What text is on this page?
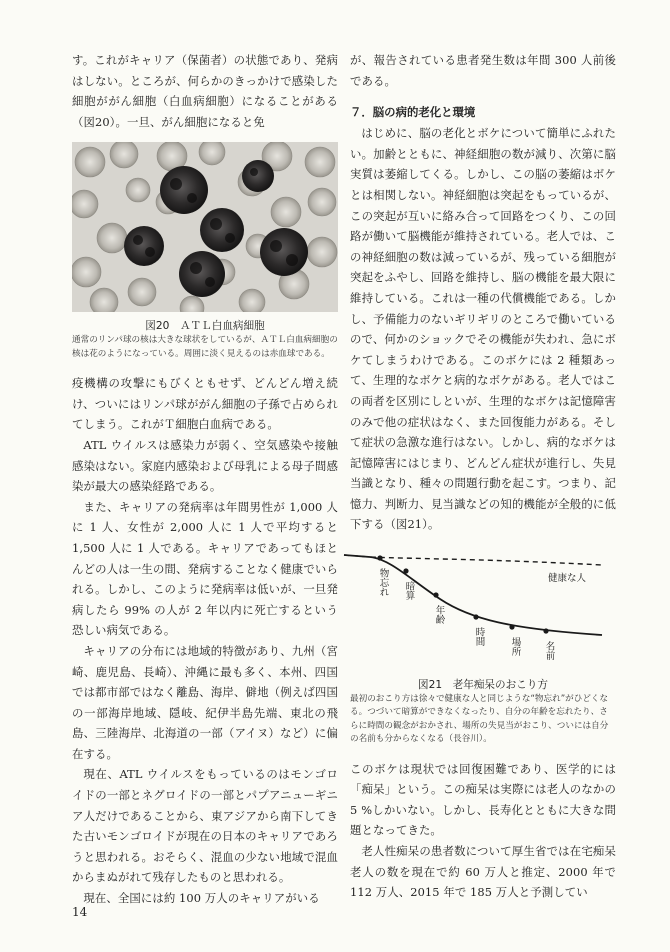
す。これがキャリア（保菌者）の状態であり、発病はしない。ところが、何らかのきっかけで感染した細胞ががん細胞（白血病細胞）になることがある（図20）。一旦、がん細胞になると免

図20　ＡＴＬ白血病細胞
通常のリンパ球の核は大きな球状をしているが、ＡＴＬ白血病細胞の核は花のようになっている。周囲に淡く見えるのは赤血球である。

疫機構の攻撃にもびくともせず、どんどん増え続け、ついにはリンパ球ががん細胞の子孫で占められてしまう。これがＴ細胞白血病である。

ATL ウイルスは感染力が弱く、空気感染や接触感染はない。家庭内感染および母乳による母子間感染が最大の感染経路である。

また、キャリアの発病率は年間男性が 1,000 人に 1 人、女性が 2,000 人に 1 人で平均すると 1,500 人に 1 人である。キャリアであってもほとんどの人は一生の間、発病することなく健康でいられる。しかし、このように発病率は低いが、一旦発病したら 99% の人が 2 年以内に死亡するという恐しい病気である。

キャリアの分布には地域的特徴があり、九州（宮崎、鹿児島、長崎）、沖縄に最も多く、本州、四国では都市部ではなく離島、海岸、僻地（例えば四国の一部海岸地域、隠岐、紀伊半島先端、東北の飛島、三陸海岸、北海道の一部（アイヌ）など）に偏在する。

現在、ATL ウイルスをもっているのはモンゴロイドの一部とネグロイドの一部とパプアニューギニア人だけであることから、東アジアから南下してきた古いモンゴロイドが現在の日本のキャリアであろうと思われる。おそらく、混血の少ない地域で混血からまぬがれて残存したものと思われる。

現在、全国には約 100 万人のキャリアがいる

が、報告されている患者発生数は年間 300 人前後である。

７．脳の病的老化と環境

はじめに、脳の老化とボケについて簡単にふれたい。加齢とともに、神経細胞の数が減り、次第に脳実質は萎縮してくる。しかし、この脳の萎縮はボケとは相関しない。神経細胞は突起をもっているが、この突起が互いに絡み合って回路をつくり、この回路が働いて脳機能が維持されている。老人では、この神経細胞の数は減っているが、残っている細胞が突起をふやし、回路を維持し、脳の機能を最大限に維持している。これは一種の代償機能である。しかし、予備能力のないギリギリのところで働いているので、何かのショックでその機能が失われ、急にボケてしまうわけである。このボケには 2 種類あって、生理的なボケと病的なボケがある。老人ではこの両者を区別にしといが、生理的なボケは記憶障害のみで他の症状はなく、また回復能力がある。そして症状の急激な進行はない。しかし、病的なボケは記憶障害にはじまり、どんどん症状が進行し、失見当識となり、種々の問題行動を起こす。つまり、記憶力、判断力、見当識などの知的機能が全般的に低下する（図21）。

健康な人
物忘れ 暗算
年齢
時間
場所 名前
図21　老年痴呆のおこり方
最初のおこり方は徐々で健康な人と同じような“物忘れ”がひどくなる。つづいて暗算ができなくなったり、自分の年齢を忘れたり、さらに時間の観念がおかされ、場所の失見当がおこり、ついには自分の名前も分からなくなる（長谷川）。

このボケは現状では回復困難であり、医学的には「痴呆」という。この痴呆は実際には老人のなかの 5 %しかいない。しかし、長寿化とともに大きな問題となってきた。

老人性痴呆の患者数について厚生省では在宅痴呆老人の数を現在で約 60 万人と推定、2000 年で 112 万人、2015 年で 185 万人と予測してい

14
